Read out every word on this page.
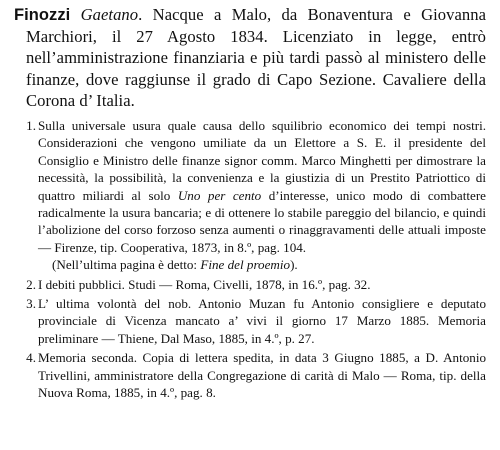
Finozzi Gaetano. Nacque a Malo, da Bonaventura e Giovanna Marchiori, il 27 Agosto 1834. Licenziato in legge, entrò nell’amministrazione finanziaria e più tardi passò al ministero delle finanze, dove raggiunse il grado di Capo Sezione. Cavaliere della Corona d’ Italia.

1. Sulla universale usura quale causa dello squilibrio economico dei tempi nostri. Considerazioni che vengono umiliate da un Elettore a S. E. il presidente del Consiglio e Ministro delle finanze signor comm. Marco Minghetti per dimostrare la necessità, la possibilità, la convenienza e la giustizia di un Prestito Patriottico di quattro miliardi al solo Uno per cento d’interesse, unico modo di combattere radicalmente la usura bancaria; e di ottenere lo stabile pareggio del bilancio, e quindi l’abolizione del corso forzoso senza aumenti o rinaggravamenti delle attuali imposte — Firenze, tip. Cooperativa, 1873, in 8.º, pag. 104.
(Nell’ultima pagina è detto: Fine del proemio).
2. I debiti pubblici. Studi — Roma, Civelli, 1878, in 16.º, pag. 32.
3. L’ ultima volontà del nob. Antonio Muzan fu Antonio consigliere e deputato provinciale di Vicenza mancato a’ vivi il giorno 17 Marzo 1885. Memoria preliminare — Thiene, Dal Maso, 1885, in 4.º, p. 27.
4. Memoria seconda. Copia di lettera spedita, in data 3 Giugno 1885, a D. Antonio Trivellini, amministratore della Congregazione di carità di Malo — Roma, tip. della Nuova Roma, 1885, in 4.º, pag. 8.
